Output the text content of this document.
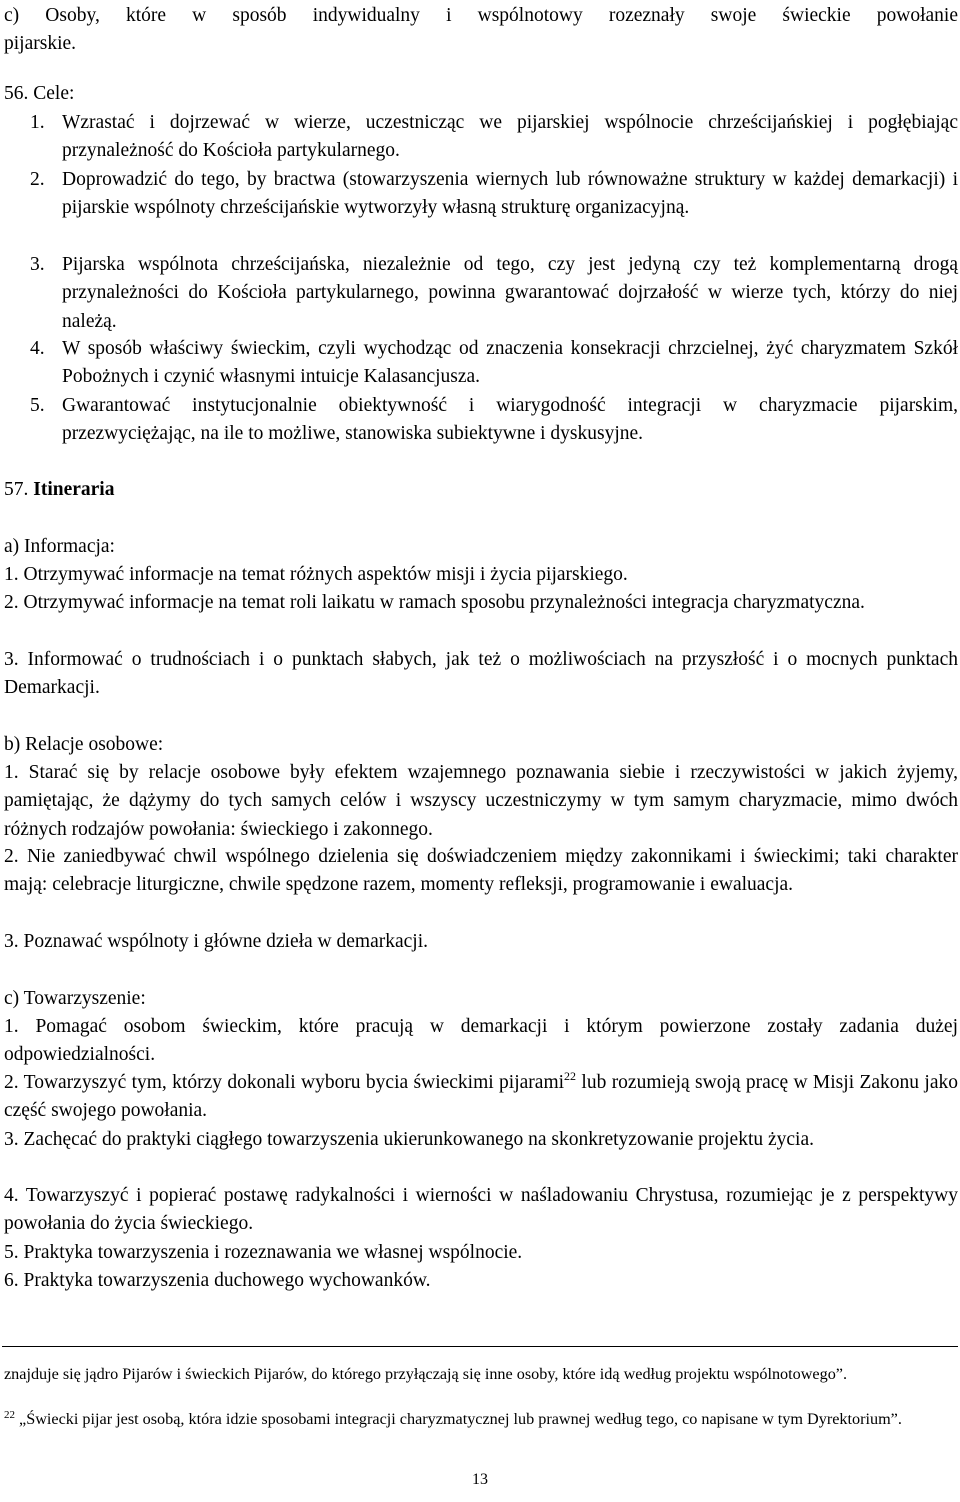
c) Osoby, które w sposób indywidualny i wspólnotowy rozeznały swoje świeckie powołanie
pijarskie.

56. Cele:

1. Wzrastać i dojrzewać w wierze, uczestnicząc we pijarskiej wspólnocie chrześcijańskiej i pogłębiając przynależność do Kościoła partykularnego.
2. Doprowadzić do tego, by bractwa (stowarzyszenia wiernych lub równoważne struktury w każdej demarkacji) i pijarskie wspólnoty chrześcijańskie wytworzyły własną strukturę organizacyjną.
3. Pijarska wspólnota chrześcijańska, niezależnie od tego, czy jest jedyną czy też komplementarną drogą przynależności do Kościoła partykularnego, powinna gwarantować dojrzałość w wierze tych, którzy do niej należą.
4. W sposób właściwy świeckim, czyli wychodząc od znaczenia konsekracji chrzcielnej, żyć charyzmatem Szkół Pobożnych i czynić własnymi intuicje Kalasancjusza.
5. Gwarantować instytucjonalnie obiektywność i wiarygodność integracji w charyzmacie pijarskim, przezwyciężając, na ile to możliwe, stanowiska subiektywne i dyskusyjne.

57. Itineraria

a) Informacja:

1. Otrzymywać informacje na temat różnych aspektów misji i życia pijarskiego.

2. Otrzymywać informacje na temat roli laikatu w ramach sposobu przynależności integracja charyzmatyczna.

3. Informować o trudnościach i o punktach słabych, jak też o możliwościach na przyszłość i o mocnych punktach Demarkacji.

b) Relacje osobowe:

1. Starać się by relacje osobowe były efektem wzajemnego poznawania siebie i rzeczywistości w jakich żyjemy, pamiętając, że dążymy do tych samych celów i wszyscy uczestniczymy w tym samym charyzmacie, mimo dwóch różnych rodzajów powołania: świeckiego i zakonnego.

2. Nie zaniedbywać chwil wspólnego dzielenia się doświadczeniem między zakonnikami i świeckimi; taki charakter mają: celebracje liturgiczne, chwile spędzone razem, momenty refleksji, programowanie i ewaluacja.

3. Poznawać wspólnoty i główne dzieła w demarkacji.

c) Towarzyszenie:

1. Pomagać osobom świeckim, które pracują w demarkacji i którym powierzone zostały zadania dużej odpowiedzialności.

2. Towarzyszyć tym, którzy dokonali wyboru bycia świeckimi pijarami$^{22}$ lub rozumieją swoją pracę w Misji Zakonu jako część swojego powołania.

3. Zachęcać do praktyki ciągłego towarzyszenia ukierunkowanego na skonkretyzowanie projektu życia.

4. Towarzyszyć i popierać postawę radykalności i wierności w naśladowaniu Chrystusa, rozumiejąc je z perspektywy powołania do życia świeckiego.

5. Praktyka towarzyszenia i rozeznawania we własnej wspólnocie.

6. Praktyka towarzyszenia duchowego wychowanków.

znajduje się jądro Pijarów i świeckich Pijarów, do którego przyłączają się inne osoby, które idą według projektu wspólnotowego”.

$^{22}$ „Świecki pijar jest osobą, która idzie sposobami integracji charyzmatycznej lub prawnej według tego, co napisane w tym Dyrektorium”.

13
